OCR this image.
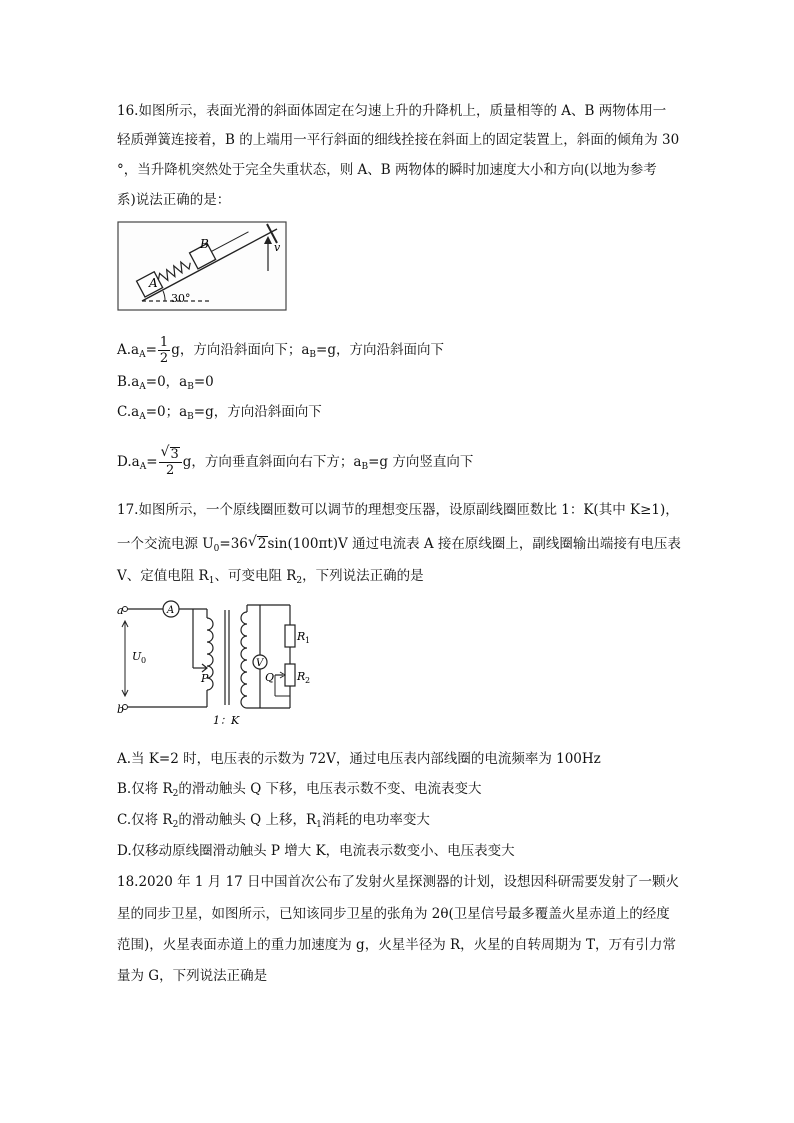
16.如图所示，表面光滑的斜面体固定在匀速上升的升降机上，质量相等的 A、B 两物体用一
轻质弹簧连接着，B 的上端用一平行斜面的细线拴接在斜面上的固定装置上，斜面的倾角为 30
°，当升降机突然处于完全失重状态，则 A、B 两物体的瞬时加速度大小和方向(以地为参考
系)说法正确的是：
A
B
30°
v
$A.a_A= \frac{1}{2}$ g，方向沿斜面向下；$a_B=g$，方向沿斜面向下
$B.a_A=0$，$a_B=0$
$C.a_A=0$；$a_B=g$，方向沿斜面向下
$D.a_A= \frac{√ 3}{2}$ g，方向垂直斜面向右下方；$a_B=g$ 方向竖直向下
17.如图所示，一个原线圈匝数可以调节的理想变压器，设原副线圈匝数比 1：K(其中 K≥1)，
一个交流电源 $U_0=36$ √ 2sin(100πt)V 通过电流表 A 接在原线圈上，副线圈输出端接有电压表
V、定值电阻 $R_1$、可变电阻 $R_2$，下列说法正确的是
a
b
A
P
U 0	V
Q
R 1
R 2
1：K
A.当 K=2 时，电压表的示数为 72V，通过电压表内部线圈的电流频率为 100Hz
B.仅将 $R_2$的滑动触头 Q 下移，电压表示数不变、电流表变大
C.仅将 $R_2$的滑动触头 Q 上移，$R_1$消耗的电功率变大
D.仅移动原线圈滑动触头 P 增大 K，电流表示数变小、电压表变大
18.2020 年 1 月 17 日中国首次公布了发射火星探测器的计划，设想因科研需要发射了一颗火
星的同步卫星，如图所示，已知该同步卫星的张角为 2θ(卫星信号最多覆盖火星赤道上的经度
范围)，火星表面赤道上的重力加速度为 g，火星半径为 R，火星的自转周期为 T，万有引力常
量为 G，下列说法正确是
